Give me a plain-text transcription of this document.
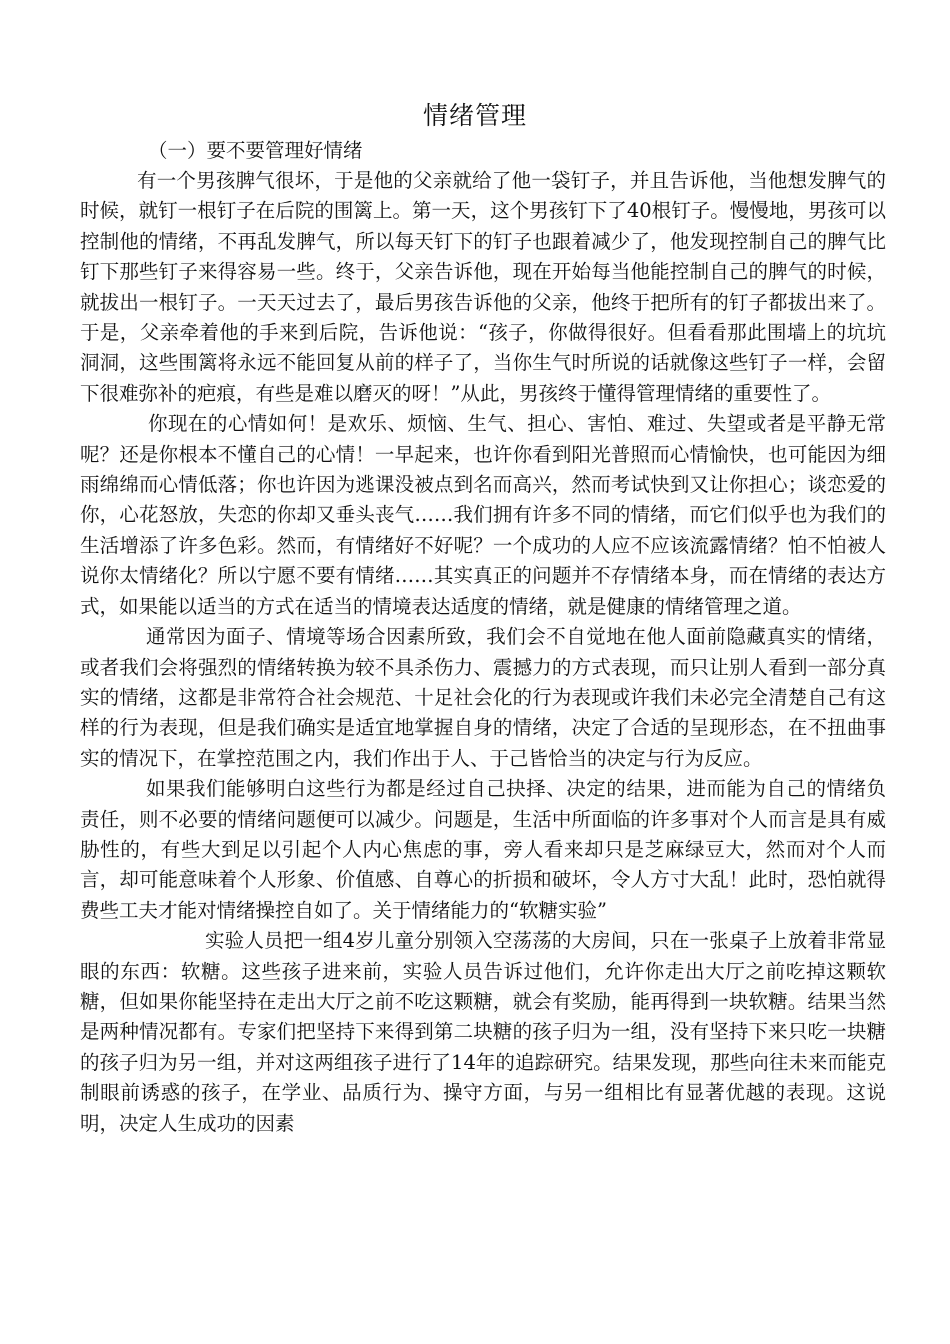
情绪管理
（一）要不要管理好情绪

有一个男孩脾气很坏，于是他的父亲就给了他一袋钉子，并且告诉他，当他想发脾气的时候，就钉一根钉子在后院的围篱上。第一天，这个男孩钉下了40根钉子。慢慢地，男孩可以控制他的情绪，不再乱发脾气，所以每天钉下的钉子也跟着减少了，他发现控制自己的脾气比钉下那些钉子来得容易一些。终于，父亲告诉他，现在开始每当他能控制自己的脾气的时候，就拔出一根钉子。一天天过去了，最后男孩告诉他的父亲，他终于把所有的钉子都拔出来了。于是，父亲牵着他的手来到后院，告诉他说：“孩子，你做得很好。但看看那此围墙上的坑坑洞洞，这些围篱将永远不能回复从前的样子了，当你生气时所说的话就像这些钉子一样，会留下很难弥补的疤痕，有些是难以磨灭的呀！”从此，男孩终于懂得管理情绪的重要性了。

你现在的心情如何！是欢乐、烦恼、生气、担心、害怕、难过、失望或者是平静无常呢？还是你根本不懂自己的心情！一早起来，也许你看到阳光普照而心情愉快，也可能因为细雨绵绵而心情低落；你也许因为逃课没被点到名而高兴，然而考试快到又让你担心；谈恋爱的你，心花怒放，失恋的你却又垂头丧气……我们拥有许多不同的情绪，而它们似乎也为我们的生活增添了许多色彩。然而，有情绪好不好呢？一个成功的人应不应该流露情绪？怕不怕被人说你太情绪化？所以宁愿不要有情绪……其实真正的问题并不存情绪本身，而在情绪的表达方式，如果能以适当的方式在适当的情境表达适度的情绪，就是健康的情绪管理之道。

通常因为面子、情境等场合因素所致，我们会不自觉地在他人面前隐藏真实的情绪，或者我们会将强烈的情绪转换为较不具杀伤力、震撼力的方式表现，而只让别人看到一部分真实的情绪，这都是非常符合社会规范、十足社会化的行为表现或许我们未必完全清楚自己有这样的行为表现，但是我们确实是适宜地掌握自身的情绪，决定了合适的呈现形态，在不扭曲事实的情况下，在掌控范围之内，我们作出于人、于己皆恰当的决定与行为反应。

如果我们能够明白这些行为都是经过自己抉择、决定的结果，进而能为自己的情绪负责任，则不必要的情绪问题便可以减少。问题是，生活中所面临的许多事对个人而言是具有威胁性的，有些大到足以引起个人内心焦虑的事，旁人看来却只是芝麻绿豆大，然而对个人而言，却可能意味着个人形象、价值感、自尊心的折损和破坏，令人方寸大乱！此时，恐怕就得费些工夫才能对情绪操控自如了。关于情绪能力的“软糖实验”

实验人员把一组4岁儿童分别领入空荡荡的大房间，只在一张桌子上放着非常显眼的东西：软糖。这些孩子进来前，实验人员告诉过他们，允许你走出大厅之前吃掉这颗软糖，但如果你能坚持在走出大厅之前不吃这颗糖，就会有奖励，能再得到一块软糖。结果当然是两种情况都有。专家们把坚持下来得到第二块糖的孩子归为一组，没有坚持下来只吃一块糖的孩子归为另一组，并对这两组孩子进行了14年的追踪研究。结果发现，那些向往未来而能克制眼前诱惑的孩子，在学业、品质行为、操守方面，与另一组相比有显著优越的表现。这说明，决定人生成功的因素
